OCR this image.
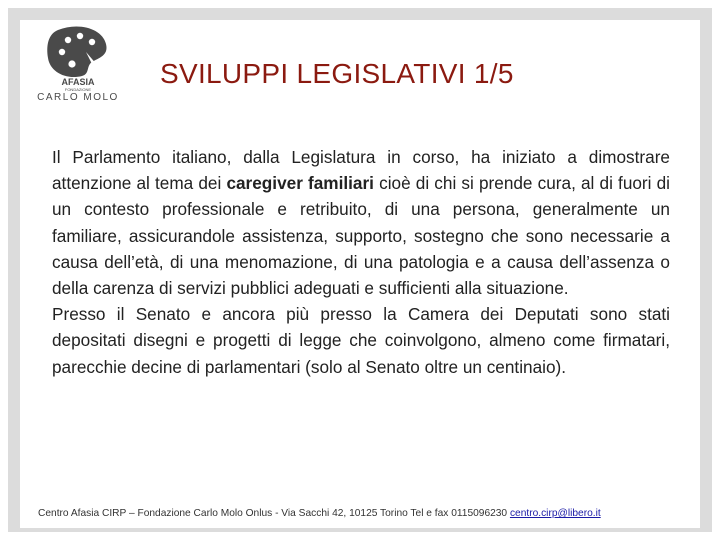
AFASIA
FONDAZIONE
CARLO MOLO
SVILUPPI LEGISLATIVI 1/5

Il Parlamento italiano, dalla Legislatura in corso, ha iniziato a dimostrare attenzione al tema dei caregiver familiari cioè di chi si prende cura, al di fuori di un contesto professionale e retribuito, di una persona, generalmente un familiare, assicurandole assistenza, supporto, sostegno che sono necessarie a causa dell’età, di una menomazione, di una patologia e a causa dell’assenza o della carenza di servizi pubblici adeguati e sufficienti alla situazione.

Presso il Senato e ancora più presso la Camera dei Deputati sono stati depositati disegni e progetti di legge che coinvolgono, almeno come firmatari, parecchie decine di parlamentari (solo al Senato oltre un centinaio).

Centro Afasia CIRP – Fondazione Carlo Molo Onlus - Via Sacchi 42, 10125 Torino Tel e fax 0115096230 centro.cirp@libero.it
